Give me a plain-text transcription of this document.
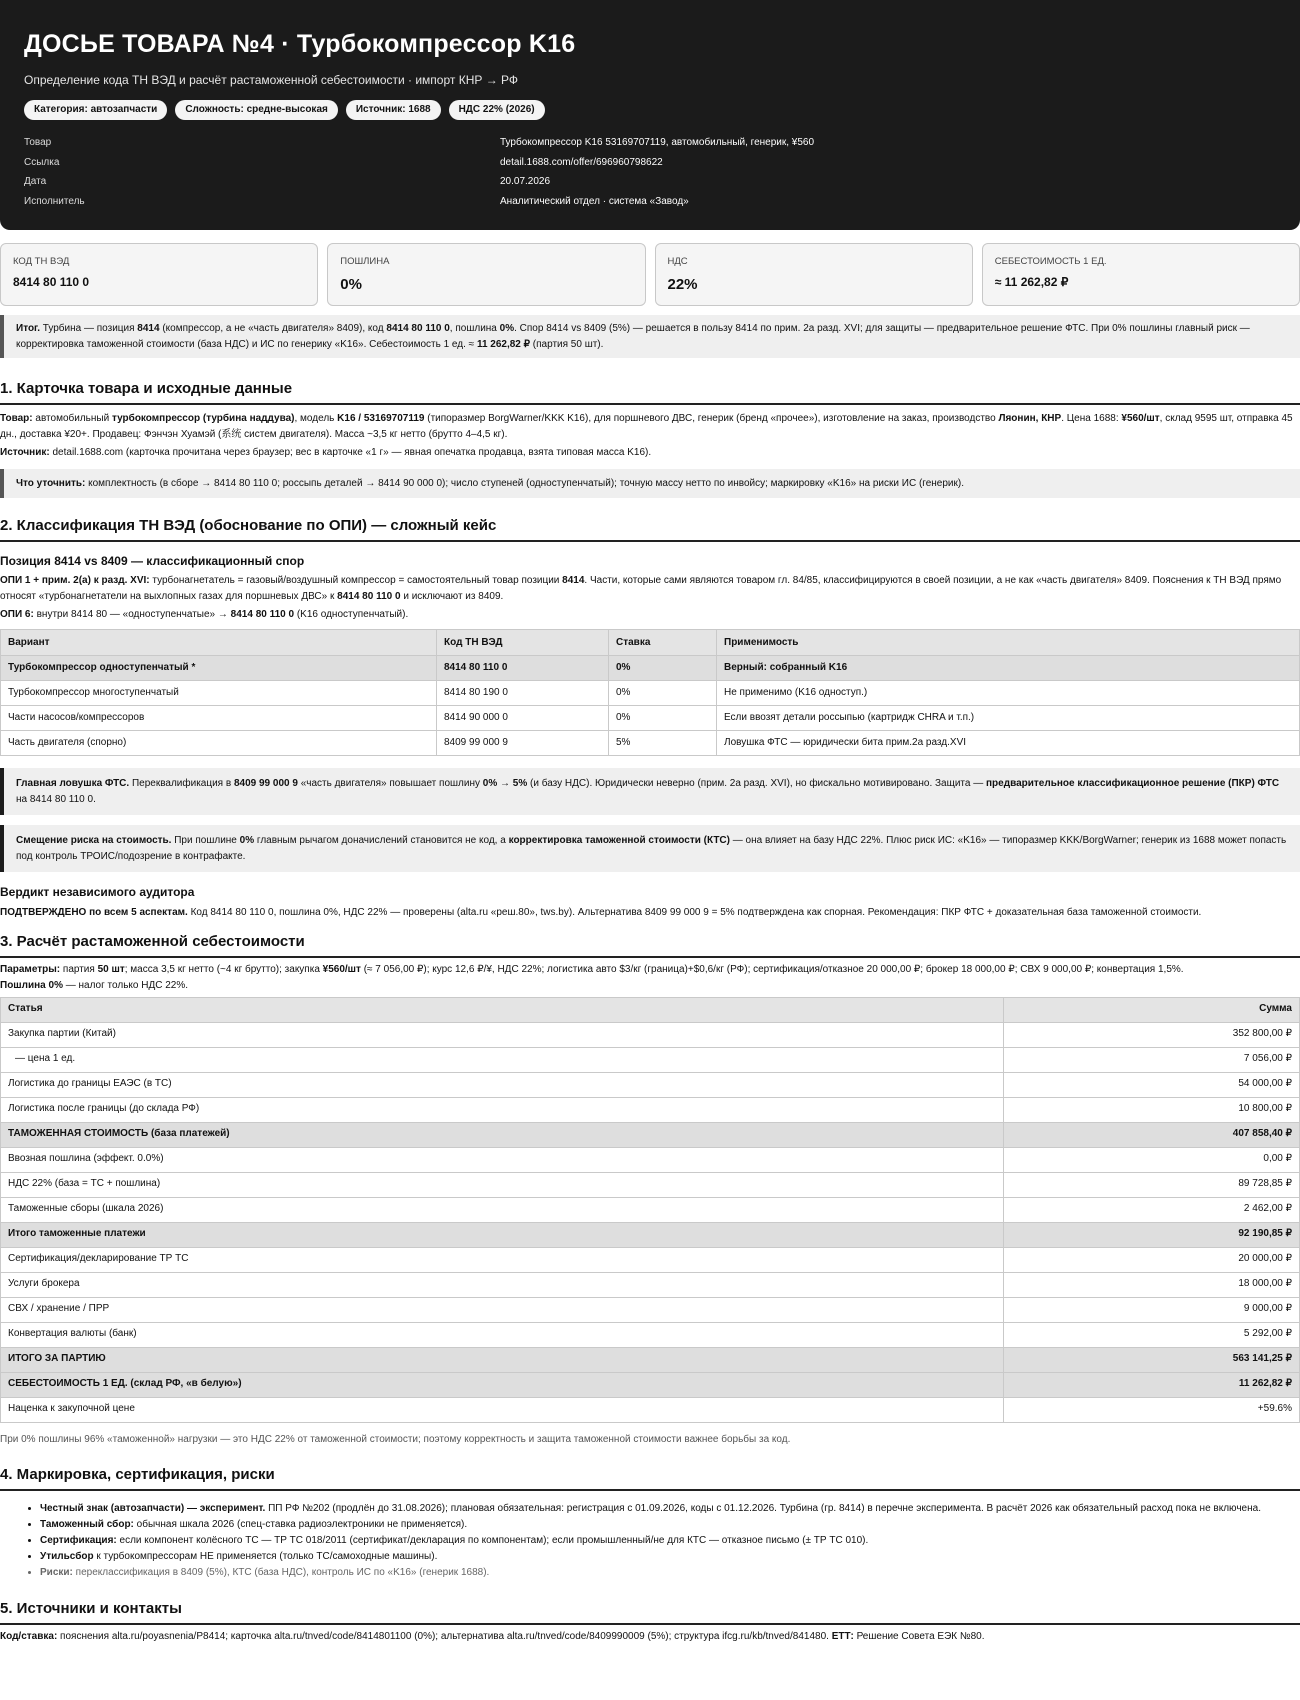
ДОСЬЕ ТОВАРА №4 · Турбокомпрессор K16
Определение кода ТН ВЭД и расчёт растаможенной себестоимости · импорт КНР → РФ
Категория: автозапчасти	Сложность: средне-высокая	Источник: 1688	НДС 22% (2026)
Товар	Турбокомпрессор K16 53169707119, автомобильный, генерик, ¥560
Ссылка	detail.1688.com/offer/696960798622
Дата	20.07.2026
Исполнитель	Аналитический отдел · система «Завод»
КОД ТН ВЭД
8414 80 110 0
ПОШЛИНА
0%
НДС
22%
СЕБЕСТОИМОСТЬ 1 ЕД.
≈ 11 262,82 ₽
Итог. Турбина — позиция 8414 (компрессор, а не «часть двигателя» 8409), код 8414 80 110 0, пошлина 0%. Спор 8414 vs 8409 (5%) — решается в пользу 8414 по прим. 2а разд. XVI; для защиты — предварительное решение ФТС. При 0% пошлины главный риск — корректировка таможенной стоимости (база НДС) и ИС по генерику «K16». Себестоимость 1 ед. ≈ 11 262,82 ₽ (партия 50 шт).
1. Карточка товара и исходные данные

Товар: автомобильный турбокомпрессор (турбина наддува), модель K16 / 53169707119 (типоразмер BorgWarner/KKK K16), для поршневого ДВС, генерик (бренд «прочее»), изготовление на заказ, производство Ляонин, КНР. Цена 1688: ¥560/шт, склад 9595 шт, отправка 45 дн., доставка ¥20+. Продавец: Фэнчэн Хуамэй (系统 систем двигателя). Масса ~3,5 кг нетто (брутто 4–4,5 кг).

Источник: detail.1688.com (карточка прочитана через браузер; вес в карточке «1 г» — явная опечатка продавца, взята типовая масса K16).

Что уточнить: комплектность (в сборе → 8414 80 110 0; россыпь деталей → 8414 90 000 0); число ступеней (одноступенчатый); точную массу нетто по инвойсу; маркировку «K16» на риски ИС (генерик).
2. Классификация ТН ВЭД (обоснование по ОПИ) — сложный кейс
Позиция 8414 vs 8409 — классификационный спор

ОПИ 1 + прим. 2(а) к разд. XVI: турбонагнетатель = газовый/воздушный компрессор = самостоятельный товар позиции 8414. Части, которые сами являются товаром гл. 84/85, классифицируются в своей позиции, а не как «часть двигателя» 8409. Пояснения к ТН ВЭД прямо относят «турбонагнетатели на выхлопных газах для поршневых ДВС» к 8414 80 110 0 и исключают из 8409.

ОПИ 6: внутри 8414 80 — «одноступенчатые» → 8414 80 110 0 (K16 одноступенчатый).

Вариант	Код ТН ВЭД	Ставка	Применимость
Турбокомпрессор одноступенчатый *	8414 80 110 0	0%	Верный: собранный K16
Турбокомпрессор многоступенчатый	8414 80 190 0	0%	Не применимо (K16 одноступ.)
Части насосов/компрессоров	8414 90 000 0	0%	Если ввозят детали россыпью (картридж CHRA и т.п.)
Часть двигателя (спорно)	8409 99 000 9	5%	Ловушка ФТС — юридически бита прим.2а разд.XVI
Главная ловушка ФТС. Переквалификация в 8409 99 000 9 «часть двигателя» повышает пошлину 0% → 5% (и базу НДС). Юридически неверно (прим. 2а разд. XVI), но фискально мотивировано. Защита — предварительное классификационное решение (ПКР) ФТС на 8414 80 110 0.
Смещение риска на стоимость. При пошлине 0% главным рычагом доначислений становится не код, а корректировка таможенной стоимости (КТС) — она влияет на базу НДС 22%. Плюс риск ИС: «K16» — типоразмер KKK/BorgWarner; генерик из 1688 может попасть под контроль ТРОИС/подозрение в контрафакте.
Вердикт независимого аудитора

ПОДТВЕРЖДЕНО по всем 5 аспектам. Код 8414 80 110 0, пошлина 0%, НДС 22% — проверены (alta.ru «реш.80», tws.by). Альтернатива 8409 99 000 9 = 5% подтверждена как спорная. Рекомендация: ПКР ФТС + доказательная база таможенной стоимости.

3. Расчёт растаможенной себестоимости

Параметры: партия 50 шт; масса 3,5 кг нетто (~4 кг брутто); закупка ¥560/шт (≈ 7 056,00 ₽); курс 12,6 ₽/¥, НДС 22%; логистика авто $3/кг (граница)+$0,6/кг (РФ); сертификация/отказное 20 000,00 ₽; брокер 18 000,00 ₽; СВХ 9 000,00 ₽; конвертация 1,5%.
Пошлина 0% — налог только НДС 22%.

Статья	Сумма
Закупка партии (Китай)	352 800,00 ₽
— цена 1 ед.	7 056,00 ₽
Логистика до границы ЕАЭС (в ТС)	54 000,00 ₽
Логистика после границы (до склада РФ)	10 800,00 ₽
ТАМОЖЕННАЯ СТОИМОСТЬ (база платежей)	407 858,40 ₽
Ввозная пошлина (эффект. 0.0%)	0,00 ₽
НДС 22% (база = ТС + пошлина)	89 728,85 ₽
Таможенные сборы (шкала 2026)	2 462,00 ₽
Итого таможенные платежи	92 190,85 ₽
Сертификация/декларирование ТР ТС	20 000,00 ₽
Услуги брокера	18 000,00 ₽
СВХ / хранение / ПРР	9 000,00 ₽
Конвертация валюты (банк)	5 292,00 ₽
ИТОГО ЗА ПАРТИЮ	563 141,25 ₽
СЕБЕСТОИМОСТЬ 1 ЕД. (склад РФ, «в белую»)	11 262,82 ₽
Наценка к закупочной цене	+59.6%

При 0% пошлины 96% «таможенной» нагрузки — это НДС 22% от таможенной стоимости; поэтому корректность и защита таможенной стоимости важнее борьбы за код.

4. Маркировка, сертификация, риски
• Честный знак (автозапчасти) — эксперимент. ПП РФ №202 (продлён до 31.08.2026); плановая обязательная: регистрация с 01.09.2026, коды с 01.12.2026. Турбина (гр. 8414) в перечне эксперимента. В расчёт 2026 как обязательный расход пока не включена.
• Таможенный сбор: обычная шкала 2026 (спец-ставка радиоэлектроники не применяется).
• Сертификация: если компонент колёсного ТС — ТР ТС 018/2011 (сертификат/декларация по компонентам); если промышленный/не для КТС — отказное письмо (± ТР ТС 010).
• Утильсбор к турбокомпрессорам НЕ применяется (только ТС/самоходные машины).
• Риски: переклассификация в 8409 (5%), КТС (база НДС), контроль ИС по «K16» (генерик 1688).
5. Источники и контакты

Код/ставка: пояснения alta.ru/poyasnenia/P8414; карточка alta.ru/tnved/code/8414801100 (0%); альтернатива alta.ru/tnved/code/8409990009 (5%); структура ifcg.ru/kb/tnved/841480. ЕТТ: Решение Совета ЕЭК №80.
